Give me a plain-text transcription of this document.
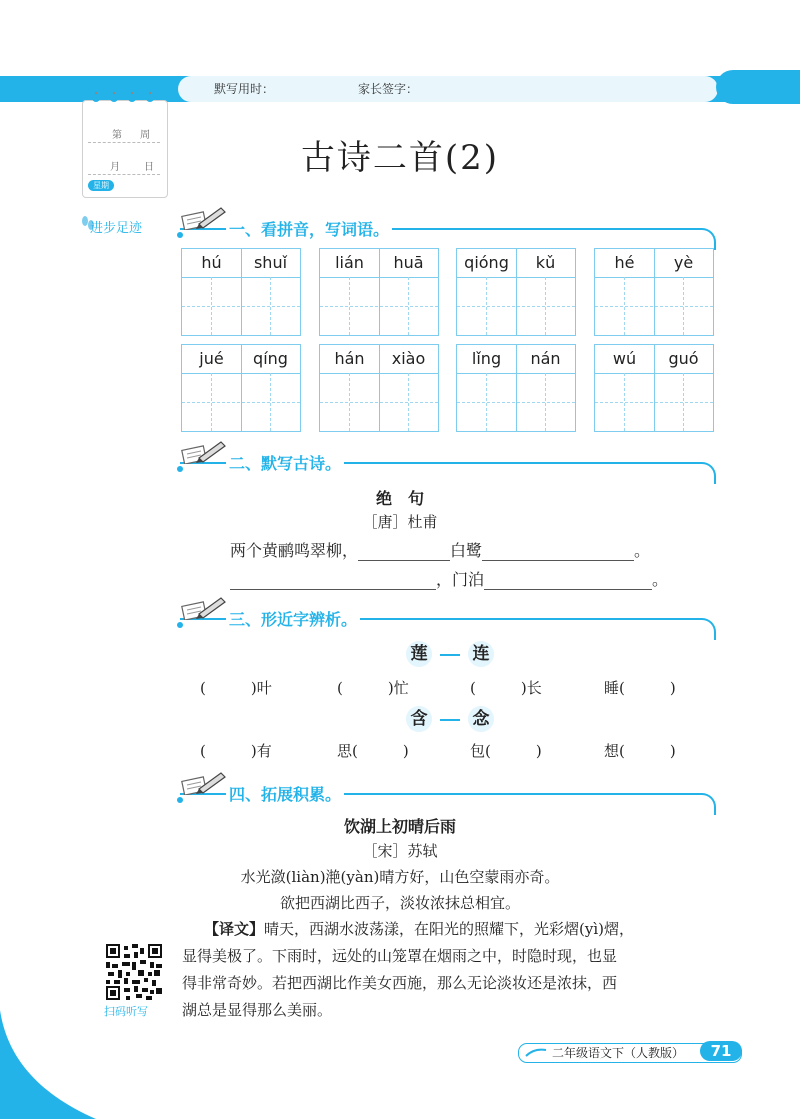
默写用时：	家长签字：
第 周
月 日
星期
进步足迹
古诗二首(2)
一、看拼音，写词语。
hú	shuǐ	lián	huā	qióng	kǔ	hé	yè
jué	qíng	hán	xiào	lǐng	nán	wú	guó
二、默写古诗。
绝　句
［唐］杜甫
两个黄鹂鸣翠柳，	白鹭	。
，门泊	。
三、形近字辨析。
莲	连
(　　　)叶	(　　　)忙	(　　　)长	睡(　　　)
含	念
(　　　)有	思(　　　)	包(　　　)	想(　　　)
四、拓展积累。
饮湖上初晴后雨
［宋］苏轼
水光潋(liàn)滟(yàn)晴方好，山色空蒙雨亦奇。
欲把西湖比西子，淡妆浓抹总相宜。
【译文】晴天，西湖水波荡漾，在阳光的照耀下，光彩熠(yì)熠，
显得美极了。下雨时，远处的山笼罩在烟雨之中，时隐时现，也显
得非常奇妙。若把西湖比作美女西施，那么无论淡妆还是浓抹，西
湖总是显得那么美丽。
扫码听写
二年级语文下（人教版）	71
